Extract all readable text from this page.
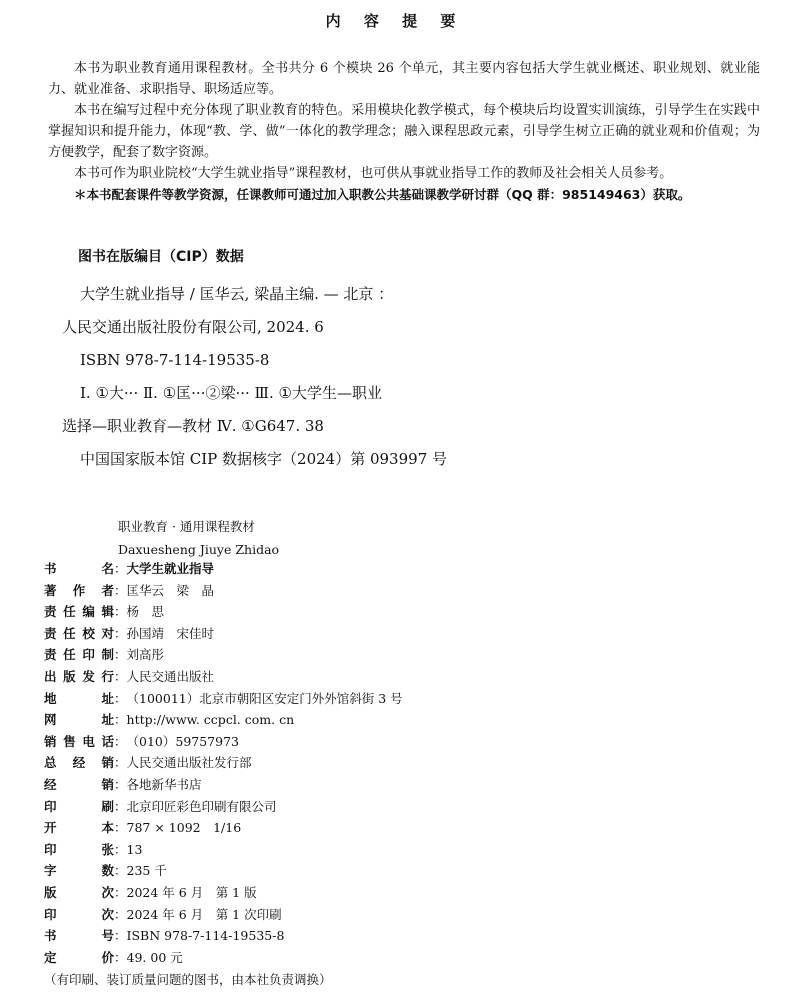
内 容 提 要

本书为职业教育通用课程教材。全书共分 6 个模块 26 个单元，其主要内容包括大学生就业概述、职业规划、就业能力、就业准备、求职指导、职场适应等。

本书在编写过程中充分体现了职业教育的特色。采用模块化教学模式，每个模块后均设置实训演练，引导学生在实践中掌握知识和提升能力，体现“教、学、做”一体化的教学理念；融入课程思政元素，引导学生树立正确的就业观和价值观；为方便教学，配套了数字资源。

本书可作为职业院校“大学生就业指导”课程教材，也可供从事就业指导工作的教师及社会相关人员参考。

＊本书配套课件等教学资源，任课教师可通过加入职教公共基础课教学研讨群（QQ 群：985149463）获取。

图书在版编目（CIP）数据
大学生就业指导 / 匡华云, 梁晶主编. — 北京 ：
人民交通出版社股份有限公司, 2024. 6
ISBN 978-7-114-19535-8
Ⅰ. ①大··· Ⅱ. ①匡···②梁··· Ⅲ. ①大学生—职业
选择—职业教育—教材 Ⅳ. ①G647. 38
中国国家版本馆 CIP 数据核字（2024）第 093997 号
职业教育 · 通用课程教材
Daxuesheng Jiuye Zhidao
书　名：大学生就业指导
著作者：匡华云　梁　晶
责任编辑：杨　思
责任校对：孙国靖　宋佳时
责任印制：刘高彤
出版发行：人民交通出版社
地　址：（100011）北京市朝阳区安定门外外馆斜街 3 号
网　址：http://www. ccpcl. com. cn
销售电话：（010）59757973
总经销：人民交通出版社发行部
经　销：各地新华书店
印　刷：北京印匠彩色印刷有限公司
开　本：787 × 1092　1/16
印　张：13
字　数：235 千
版　次：2024 年 6 月　第 1 版
印　次：2024 年 6 月　第 1 次印刷
书　号：ISBN 978-7-114-19535-8
定　价：49. 00 元
（有印刷、装订质量问题的图书，由本社负责调换）
